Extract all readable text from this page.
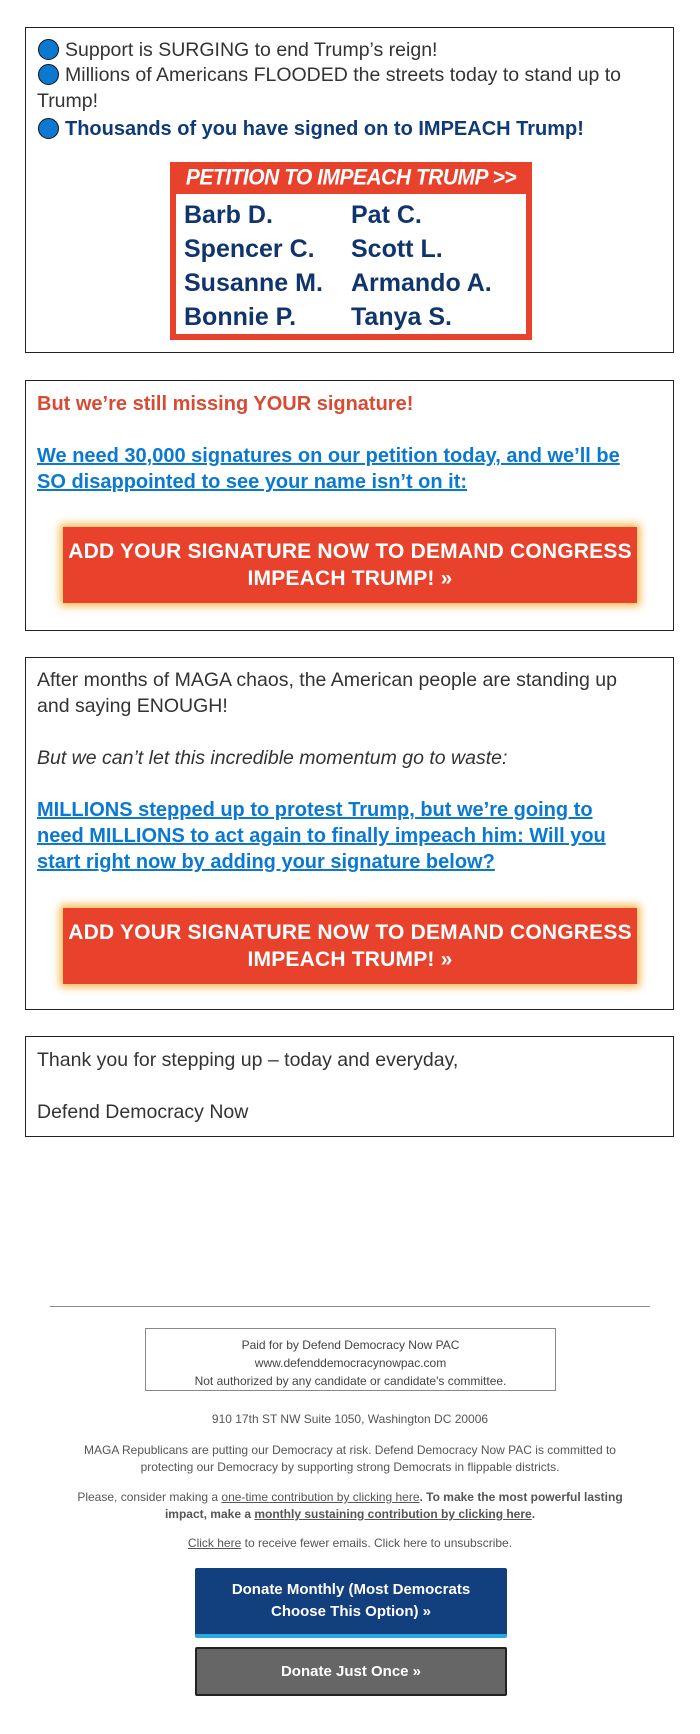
Support is SURGING to end Trump’s reign!
Millions of Americans FLOODED the streets today to stand up to
Trump!
Thousands of you have signed on to IMPEACH Trump!
PETITION TO IMPEACH TRUMP >>
Barb D.	Pat C.
Spencer C.	Scott L.
Susanne M.	Armando A.
Bonnie P.	Tanya S.
But we’re still missing YOUR signature!
We need 30,000 signatures on our petition today, and we’ll be
SO disappointed to see your name isn’t on it:
ADD YOUR SIGNATURE NOW TO DEMAND CONGRESS
IMPEACH TRUMP! »
After months of MAGA chaos, the American people are standing up
and saying ENOUGH!
But we can’t let this incredible momentum go to waste:
MILLIONS stepped up to protest Trump, but we’re going to
need MILLIONS to act again to finally impeach him: Will you
start right now by adding your signature below?
ADD YOUR SIGNATURE NOW TO DEMAND CONGRESS
IMPEACH TRUMP! »
Thank you for stepping up – today and everyday,
Defend Democracy Now
Paid for by Defend Democracy Now PAC
www.defenddemocracynowpac.com
Not authorized by any candidate or candidate's committee.
910 17th ST NW Suite 1050, Washington DC 20006
MAGA Republicans are putting our Democracy at risk. Defend Democracy Now PAC is committed to
protecting our Democracy by supporting strong Democrats in flippable districts.
Please, consider making a one-time contribution by clicking here. To make the most powerful lasting
impact, make a monthly sustaining contribution by clicking here.
Click here to receive fewer emails. Click here to unsubscribe.
Donate Monthly (Most Democrats
Choose This Option) »
Donate Just Once »
